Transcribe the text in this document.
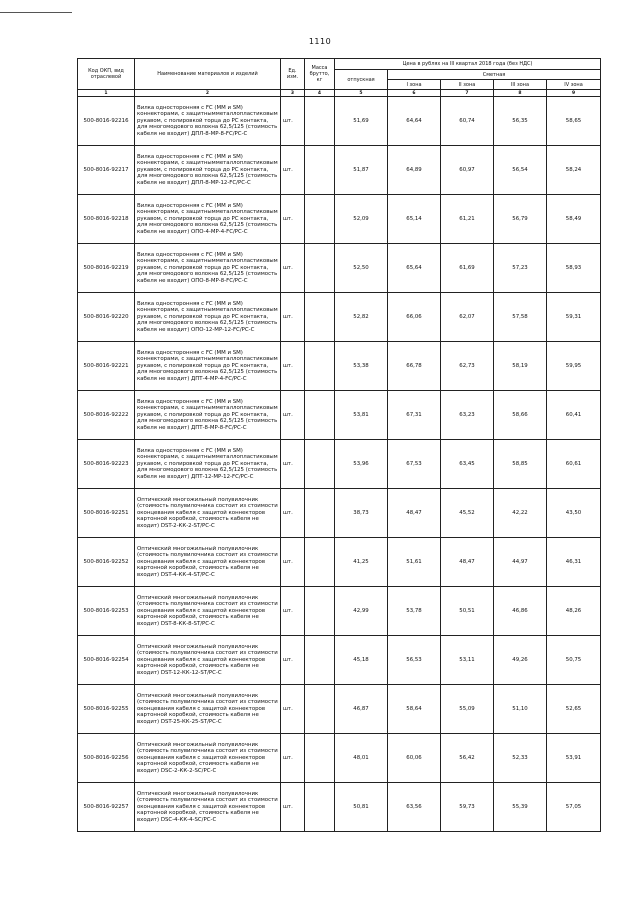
1110
Код ОКП, вид отраслевой	Наименование материалов и изделий	Ед. изм.	Масса брутто, кг	Цена в рублях на III квартал 2018 года (без НДС)				
				отпускная	Сметная			
					I зона	II зона	III зона	IV зона
1	2	3	4	5	6	7	8	9
500-8016-92216	Вилка односторонняя с FC (MM и SM) коннекторами, с защитнымметаллопластиковым рукавом, с полировкой торца до PC контакта, для многомодового волокна 62,5/125 (стоимость кабеля не входит) ДПЛ-8-МР-8-FC/PC-C	шт.		51,69	64,64	60,74	56,35	58,65
500-8016-92217	Вилка односторонняя с FC (MM и SM) коннекторами, с защитнымметаллопластиковым рукавом, с полировкой торца до PC контакта, для многомодового волокна 62,5/125 (стоимость кабеля не входит) ДПЛ-8-МР-12-FC/PC-C	шт.		51,87	64,89	60,97	56,54	58,24
500-8016-92218	Вилка односторонняя с FC (MM и SM) коннекторами, с защитнымметаллопластиковым рукавом, с полировкой торца до PC контакта, для многомодового волокна 62,5/125 (стоимость кабеля не входит) ОПО-4-МР-4-FC/PC-C	шт.		52,09	65,14	61,21	56,79	58,49
500-8016-92219	Вилка односторонняя с FC (MM и SM) коннекторами, с защитнымметаллопластиковым рукавом, с полировкой торца до PC контакта, для многомодового волокна 62,5/125 (стоимость кабеля не входит) ОПО-8-МР-8-FC/PC-C	шт.		52,50	65,64	61,69	57,23	58,93
500-8016-92220	Вилка односторонняя с FC (MM и SM) коннекторами, с защитнымметаллопластиковым рукавом, с полировкой торца до PC контакта, для многомодового волокна 62,5/125 (стоимость кабеля не входит) ОПО-12-МР-12-FC/PC-C	шт.		52,82	66,06	62,07	57,58	59,31
500-8016-92221	Вилка односторонняя с FC (MM и SM) коннекторами, с защитнымметаллопластиковым рукавом, с полировкой торца до PC контакта, для многомодового волокна 62,5/125 (стоимость кабеля не входит) ДПТ-4-МР-4-FC/PC-C	шт.		53,38	66,78	62,73	58,19	59,95
500-8016-92222	Вилка односторонняя с FC (MM и SM) коннекторами, с защитнымметаллопластиковым рукавом, с полировкой торца до PC контакта, для многомодового волокна 62,5/125 (стоимость кабеля не входит) ДПТ-8-МР-8-FC/PC-C	шт.		53,81	67,31	63,23	58,66	60,41
500-8016-92223	Вилка односторонняя с FC (MM и SM) коннекторами, с защитнымметаллопластиковым рукавом, с полировкой торца до PC контакта, для многомодового волокна 62,5/125 (стоимость кабеля не входит) ДПТ-12-МР-12-FC/PC-C	шт.		53,96	67,53	63,45	58,85	60,61
500-8016-92251	Оптический многожильный полувилочник (стоимость полувилочника состоит из стоимости оконцевания кабеля с защитой коннекторов картонной коробкой, стоимость кабеля не входит) DST-2-КК-2-ST/PC-C	шт.		38,73	48,47	45,52	42,22	43,50
500-8016-92252	Оптический многожильный полувилочник (стоимость полувилочника состоит из стоимости оконцевания кабеля с защитой коннекторов картонной коробкой, стоимость кабеля не входит) DST-4-КК-4-ST/PC-C	шт.		41,25	51,61	48,47	44,97	46,31
500-8016-92253	Оптический многожильный полувилочник (стоимость полувилочника состоит из стоимости оконцевания кабеля с защитой коннекторов картонной коробкой, стоимость кабеля не входит) DST-8-КК-8-ST/PC-C	шт.		42,99	53,78	50,51	46,86	48,26
500-8016-92254	Оптический многожильный полувилочник (стоимость полувилочника состоит из стоимости оконцевания кабеля с защитой коннекторов картонной коробкой, стоимость кабеля не входит) DST-12-КК-12-ST/PC-C	шт.		45,18	56,53	53,11	49,26	50,75
500-8016-92255	Оптический многожильный полувилочник (стоимость полувилочника состоит из стоимости оконцевания кабеля с защитой коннекторов картонной коробкой, стоимость кабеля не входит) DST-25-КК-25-ST/PC-C	шт.		46,87	58,64	55,09	51,10	52,65
500-8016-92256	Оптический многожильный полувилочник (стоимость полувилочника состоит из стоимости оконцевания кабеля с защитой коннекторов картонной коробкой, стоимость кабеля не входит) DSC-2-КК-2-SC/PC-C	шт.		48,01	60,06	56,42	52,33	53,91
500-8016-92257	Оптический многожильный полувилочник (стоимость полувилочника состоит из стоимости оконцевания кабеля с защитой коннекторов картонной коробкой, стоимость кабеля не входит) DSC-4-КК-4-SC/PC-C	шт.		50,81	63,56	59,73	55,39	57,05
